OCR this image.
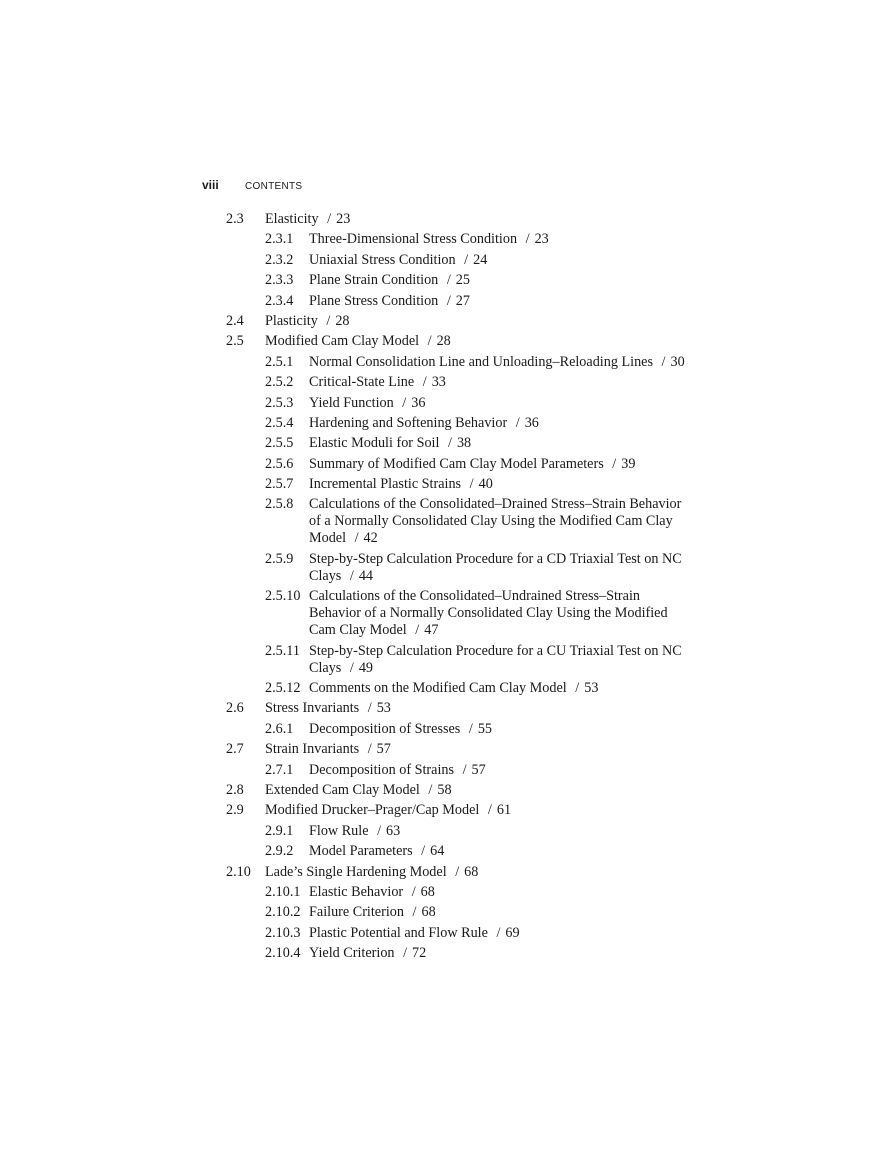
viii	CONTENTS
2.3	Elasticity / 23
2.3.1	Three-Dimensional Stress Condition / 23
2.3.2	Uniaxial Stress Condition / 24
2.3.3	Plane Strain Condition / 25
2.3.4	Plane Stress Condition / 27
2.4	Plasticity / 28
2.5	Modified Cam Clay Model / 28
2.5.1	Normal Consolidation Line and Unloading–Reloading Lines / 30
2.5.2	Critical-State Line / 33
2.5.3	Yield Function / 36
2.5.4	Hardening and Softening Behavior / 36
2.5.5	Elastic Moduli for Soil / 38
2.5.6	Summary of Modified Cam Clay Model Parameters / 39
2.5.7	Incremental Plastic Strains / 40
2.5.8	Calculations of the Consolidated–Drained Stress–Strain Behavior of a Normally Consolidated Clay Using the Modified Cam Clay Model / 42
2.5.9	Step-by-Step Calculation Procedure for a CD Triaxial Test on NC Clays / 44
2.5.10 Calculations of the Consolidated–Undrained Stress–Strain Behavior of a Normally Consolidated Clay Using the Modified Cam Clay Model / 47
2.5.11 Step-by-Step Calculation Procedure for a CU Triaxial Test on NC Clays / 49
2.5.12 Comments on the Modified Cam Clay Model / 53
2.6	Stress Invariants / 53
2.6.1	Decomposition of Stresses / 55
2.7	Strain Invariants / 57
2.7.1	Decomposition of Strains / 57
2.8	Extended Cam Clay Model / 58
2.9	Modified Drucker–Prager/Cap Model / 61
2.9.1	Flow Rule / 63
2.9.2	Model Parameters / 64
2.10 Lade’s Single Hardening Model / 68
2.10.1 Elastic Behavior / 68
2.10.2 Failure Criterion / 68
2.10.3 Plastic Potential and Flow Rule / 69
2.10.4 Yield Criterion / 72
